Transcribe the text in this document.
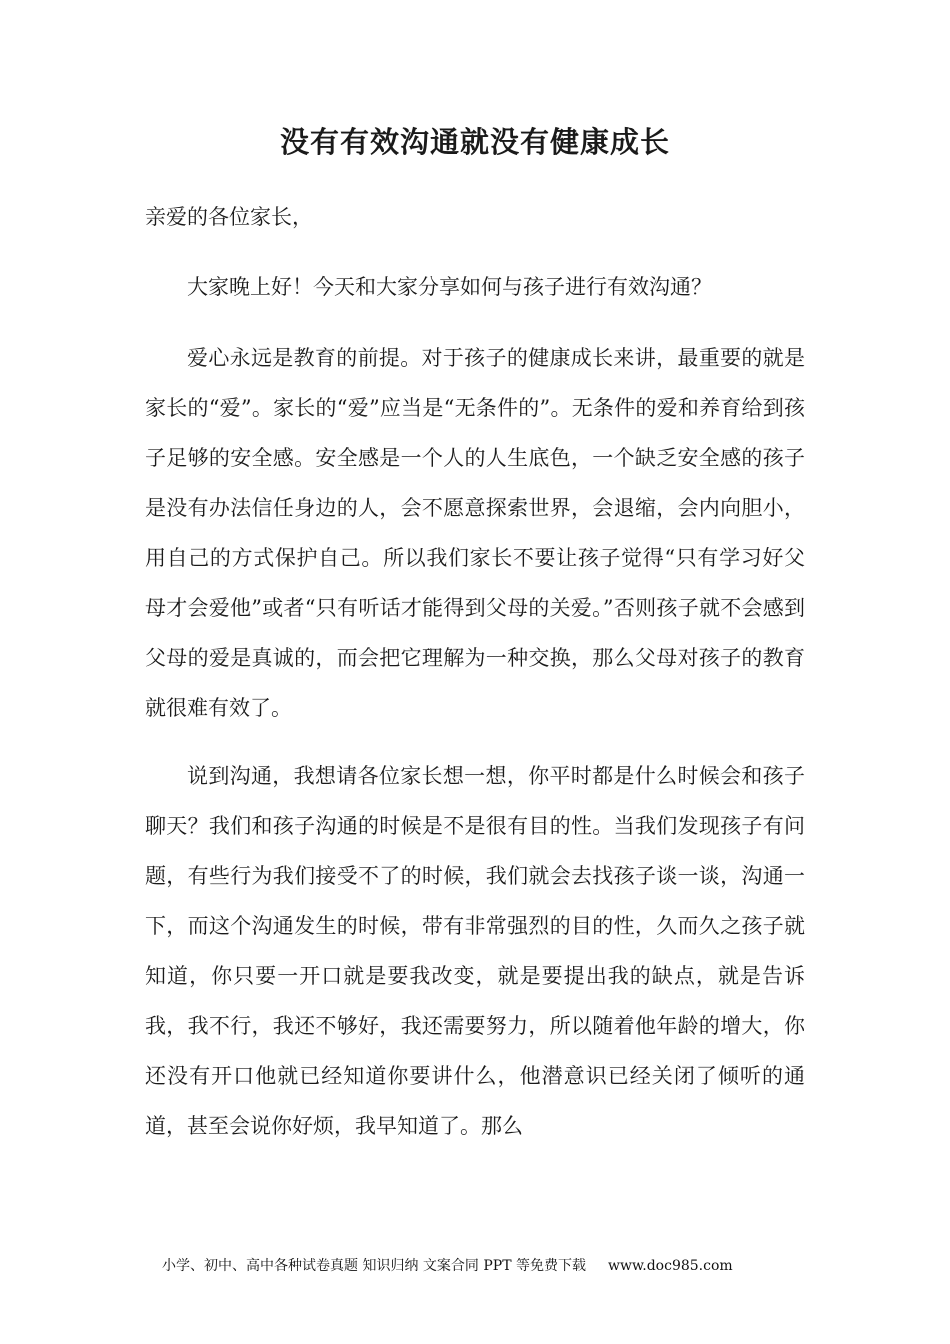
没有有效沟通就没有健康成长

亲爱的各位家长，

大家晚上好！今天和大家分享如何与孩子进行有效沟通？

爱心永远是教育的前提。对于孩子的健康成长来讲，最重要的就是家长的“爱”。家长的“爱”应当是“无条件的”。无条件的爱和养育给到孩子足够的安全感。安全感是一个人的人生底色，一个缺乏安全感的孩子是没有办法信任身边的人，会不愿意探索世界，会退缩，会内向胆小，用自己的方式保护自己。所以我们家长不要让孩子觉得“只有学习好父母才会爱他”或者“只有听话才能得到父母的关爱。”否则孩子就不会感到父母的爱是真诚的，而会把它理解为一种交换，那么父母对孩子的教育就很难有效了。

说到沟通，我想请各位家长想一想，你平时都是什么时候会和孩子聊天？我们和孩子沟通的时候是不是很有目的性。当我们发现孩子有问题，有些行为我们接受不了的时候，我们就会去找孩子谈一谈，沟通一下，而这个沟通发生的时候，带有非常强烈的目的性，久而久之孩子就知道，你只要一开口就是要我改变，就是要提出我的缺点，就是告诉我，我不行，我还不够好，我还需要努力，所以随着他年龄的增大，你还没有开口他就已经知道你要讲什么，他潜意识已经关闭了倾听的通道，甚至会说你好烦，我早知道了。那么

小学、初中、高中各种试卷真题 知识归纳 文案合同 PPT 等免费下载 www.doc985.com
